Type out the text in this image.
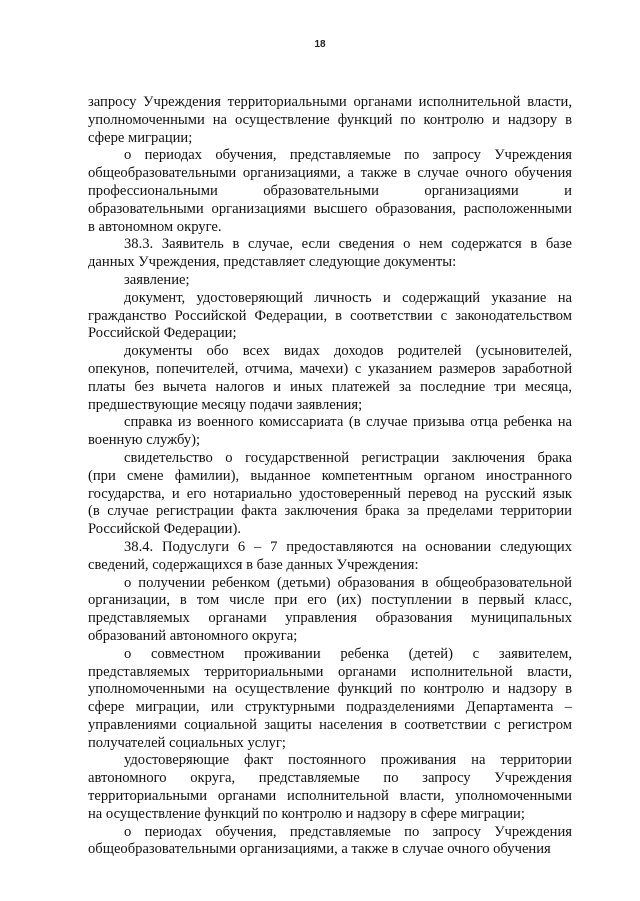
18

запросу Учреждения территориальными органами исполнительной власти,
уполномоченными на осуществление функций по контролю и надзору в
сфере миграции;

о периодах обучения, представляемые по запросу Учреждения
общеобразовательными организациями, а также в случае очного обучения
профессиональными образовательными организациями и
образовательными организациями высшего образования, расположенными
в автономном округе.

38.3. Заявитель в случае, если сведения о нем содержатся в базе
данных Учреждения, представляет следующие документы:

заявление;

документ, удостоверяющий личность и содержащий указание на
гражданство Российской Федерации, в соответствии с законодательством
Российской Федерации;

документы обо всех видах доходов родителей (усыновителей,
опекунов, попечителей, отчима, мачехи) с указанием размеров заработной
платы без вычета налогов и иных платежей за последние три месяца,
предшествующие месяцу подачи заявления;

справка из военного комиссариата (в случае призыва отца ребенка на
военную службу);

свидетельство о государственной регистрации заключения брака
(при смене фамилии), выданное компетентным органом иностранного
государства, и его нотариально удостоверенный перевод на русский язык
(в случае регистрации факта заключения брака за пределами территории
Российской Федерации).

38.4. Подуслуги 6 – 7 предоставляются на основании следующих
сведений, содержащихся в базе данных Учреждения:

о получении ребенком (детьми) образования в общеобразовательной
организации, в том числе при его (их) поступлении в первый класс,
представляемых органами управления образования муниципальных
образований автономного округа;

о совместном проживании ребенка (детей) с заявителем,
представляемых территориальными органами исполнительной власти,
уполномоченными на осуществление функций по контролю и надзору в
сфере миграции, или структурными подразделениями Департамента –
управлениями социальной защиты населения в соответствии с регистром
получателей социальных услуг;

удостоверяющие факт постоянного проживания на территории
автономного округа, представляемые по запросу Учреждения
территориальными органами исполнительной власти, уполномоченными
на осуществление функций по контролю и надзору в сфере миграции;

о периодах обучения, представляемые по запросу Учреждения
общеобразовательными организациями, а также в случае очного обучения
